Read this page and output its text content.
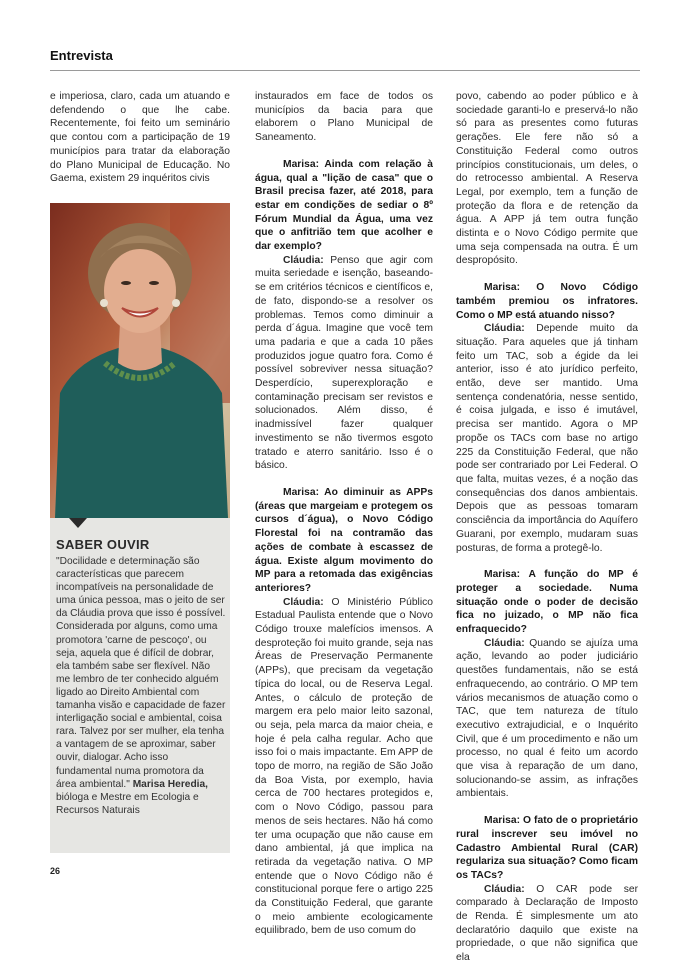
Entrevista

e imperiosa, claro, cada um atuando e defendendo o que lhe cabe. Recentemente, foi feito um seminário que contou com a participação de 19 municípios para tratar da elaboração do Plano Municipal de Educação. No Gaema, existem 29 inquéritos civis

SABER OUVIR
"Docilidade e determinação são características que parecem incompatíveis na personalidade de uma única pessoa, mas o jeito de ser da Cláudia prova que isso é possível. Considerada por alguns, como uma promotora 'carne de pescoço', ou seja, aquela que é difícil de dobrar, ela também sabe ser flexível. Não me lembro de ter conhecido alguém ligado ao Direito Ambiental com tamanha visão e capacidade de fazer interligação social e ambiental, coisa rara. Talvez por ser mulher, ela tenha a vantagem de se aproximar, saber ouvir, dialogar. Acho isso fundamental numa promotora da área ambiental." Marisa Heredia, bióloga e Mestre em Ecologia e Recursos Naturais

instaurados em face de todos os municípios da bacia para que elaborem o Plano Municipal de Saneamento.

Marisa: Ainda com relação à água, qual a "lição de casa" que o Brasil precisa fazer, até 2018, para estar em condições de sediar o 8º Fórum Mundial da Água, uma vez que o anfitrião tem que acolher e dar exemplo?

Cláudia: Penso que agir com muita seriedade e isenção, baseando-se em critérios técnicos e científicos e, de fato, dispondo-se a resolver os problemas. Temos como diminuir a perda d´água. Imagine que você tem uma padaria e que a cada 10 pães produzidos jogue quatro fora. Como é possível sobreviver nessa situação? Desperdício, superexploração e contaminação precisam ser revistos e solucionados. Além disso, é inadmissível fazer qualquer investimento se não tivermos esgoto tratado e aterro sanitário. Isso é o básico.

Marisa: Ao diminuir as APPs (áreas que margeiam e protegem os cursos d´água), o Novo Código Florestal foi na contramão das ações de combate à escassez de água. Existe algum movimento do MP para a retomada das exigências anteriores?

Cláudia: O Ministério Público Estadual Paulista entende que o Novo Código trouxe malefícios imensos. A desproteção foi muito grande, seja nas Áreas de Preservação Permanente (APPs), que precisam da vegetação típica do local, ou de Reserva Legal. Antes, o cálculo de proteção de margem era pelo maior leito sazonal, ou seja, pela marca da maior cheia, e hoje é pela calha regular. Acho que isso foi o mais impactante. Em APP de topo de morro, na região de São João da Boa Vista, por exemplo, havia cerca de 700 hectares protegidos e, com o Novo Código, passou para menos de seis hectares. Não há como ter uma ocupação que não cause em dano ambiental, já que implica na retirada da vegetação nativa. O MP entende que o Novo Código não é constitucional porque fere o artigo 225 da Constituição Federal, que garante o meio ambiente ecologicamente equilibrado, bem de uso comum do

povo, cabendo ao poder público e à sociedade garanti-lo e preservá-lo não só para as presentes como futuras gerações. Ele fere não só a Constituição Federal como outros princípios constitucionais, um deles, o do retrocesso ambiental. A Reserva Legal, por exemplo, tem a função de proteção da flora e de retenção da água. A APP já tem outra função distinta e o Novo Código permite que uma seja compensada na outra. É um despropósito.

Marisa: O Novo Código também premiou os infratores. Como o MP está atuando nisso?

Cláudia: Depende muito da situação. Para aqueles que já tinham feito um TAC, sob a égide da lei anterior, isso é ato jurídico perfeito, então, deve ser mantido. Uma sentença condenatória, nesse sentido, é coisa julgada, e isso é imutável, precisa ser mantido. Agora o MP propõe os TACs com base no artigo 225 da Constituição Federal, que não pode ser contrariado por Lei Federal. O que falta, muitas vezes, é a noção das consequências dos danos ambientais. Depois que as pessoas tomaram consciência da importância do Aquífero Guarani, por exemplo, mudaram suas posturas, de forma a protegê-lo.

Marisa: A função do MP é proteger a sociedade. Numa situação onde o poder de decisão fica no juizado, o MP não fica enfraquecido?

Cláudia: Quando se ajuíza uma ação, levando ao poder judiciário questões fundamentais, não se está enfraquecendo, ao contrário. O MP tem vários mecanismos de atuação como o TAC, que tem natureza de título executivo extrajudicial, e o Inquérito Civil, que é um procedimento e não um processo, no qual é feito um acordo que visa à reparação de um dano, solucionando-se assim, as infrações ambientais.

Marisa: O fato de o proprietário rural inscrever seu imóvel no Cadastro Ambiental Rural (CAR) regulariza sua situação? Como ficam os TACs?

Cláudia: O CAR pode ser comparado à Declaração de Imposto de Renda. É simplesmente um ato declaratório daquilo que existe na propriedade, o que não significa que ela

26
